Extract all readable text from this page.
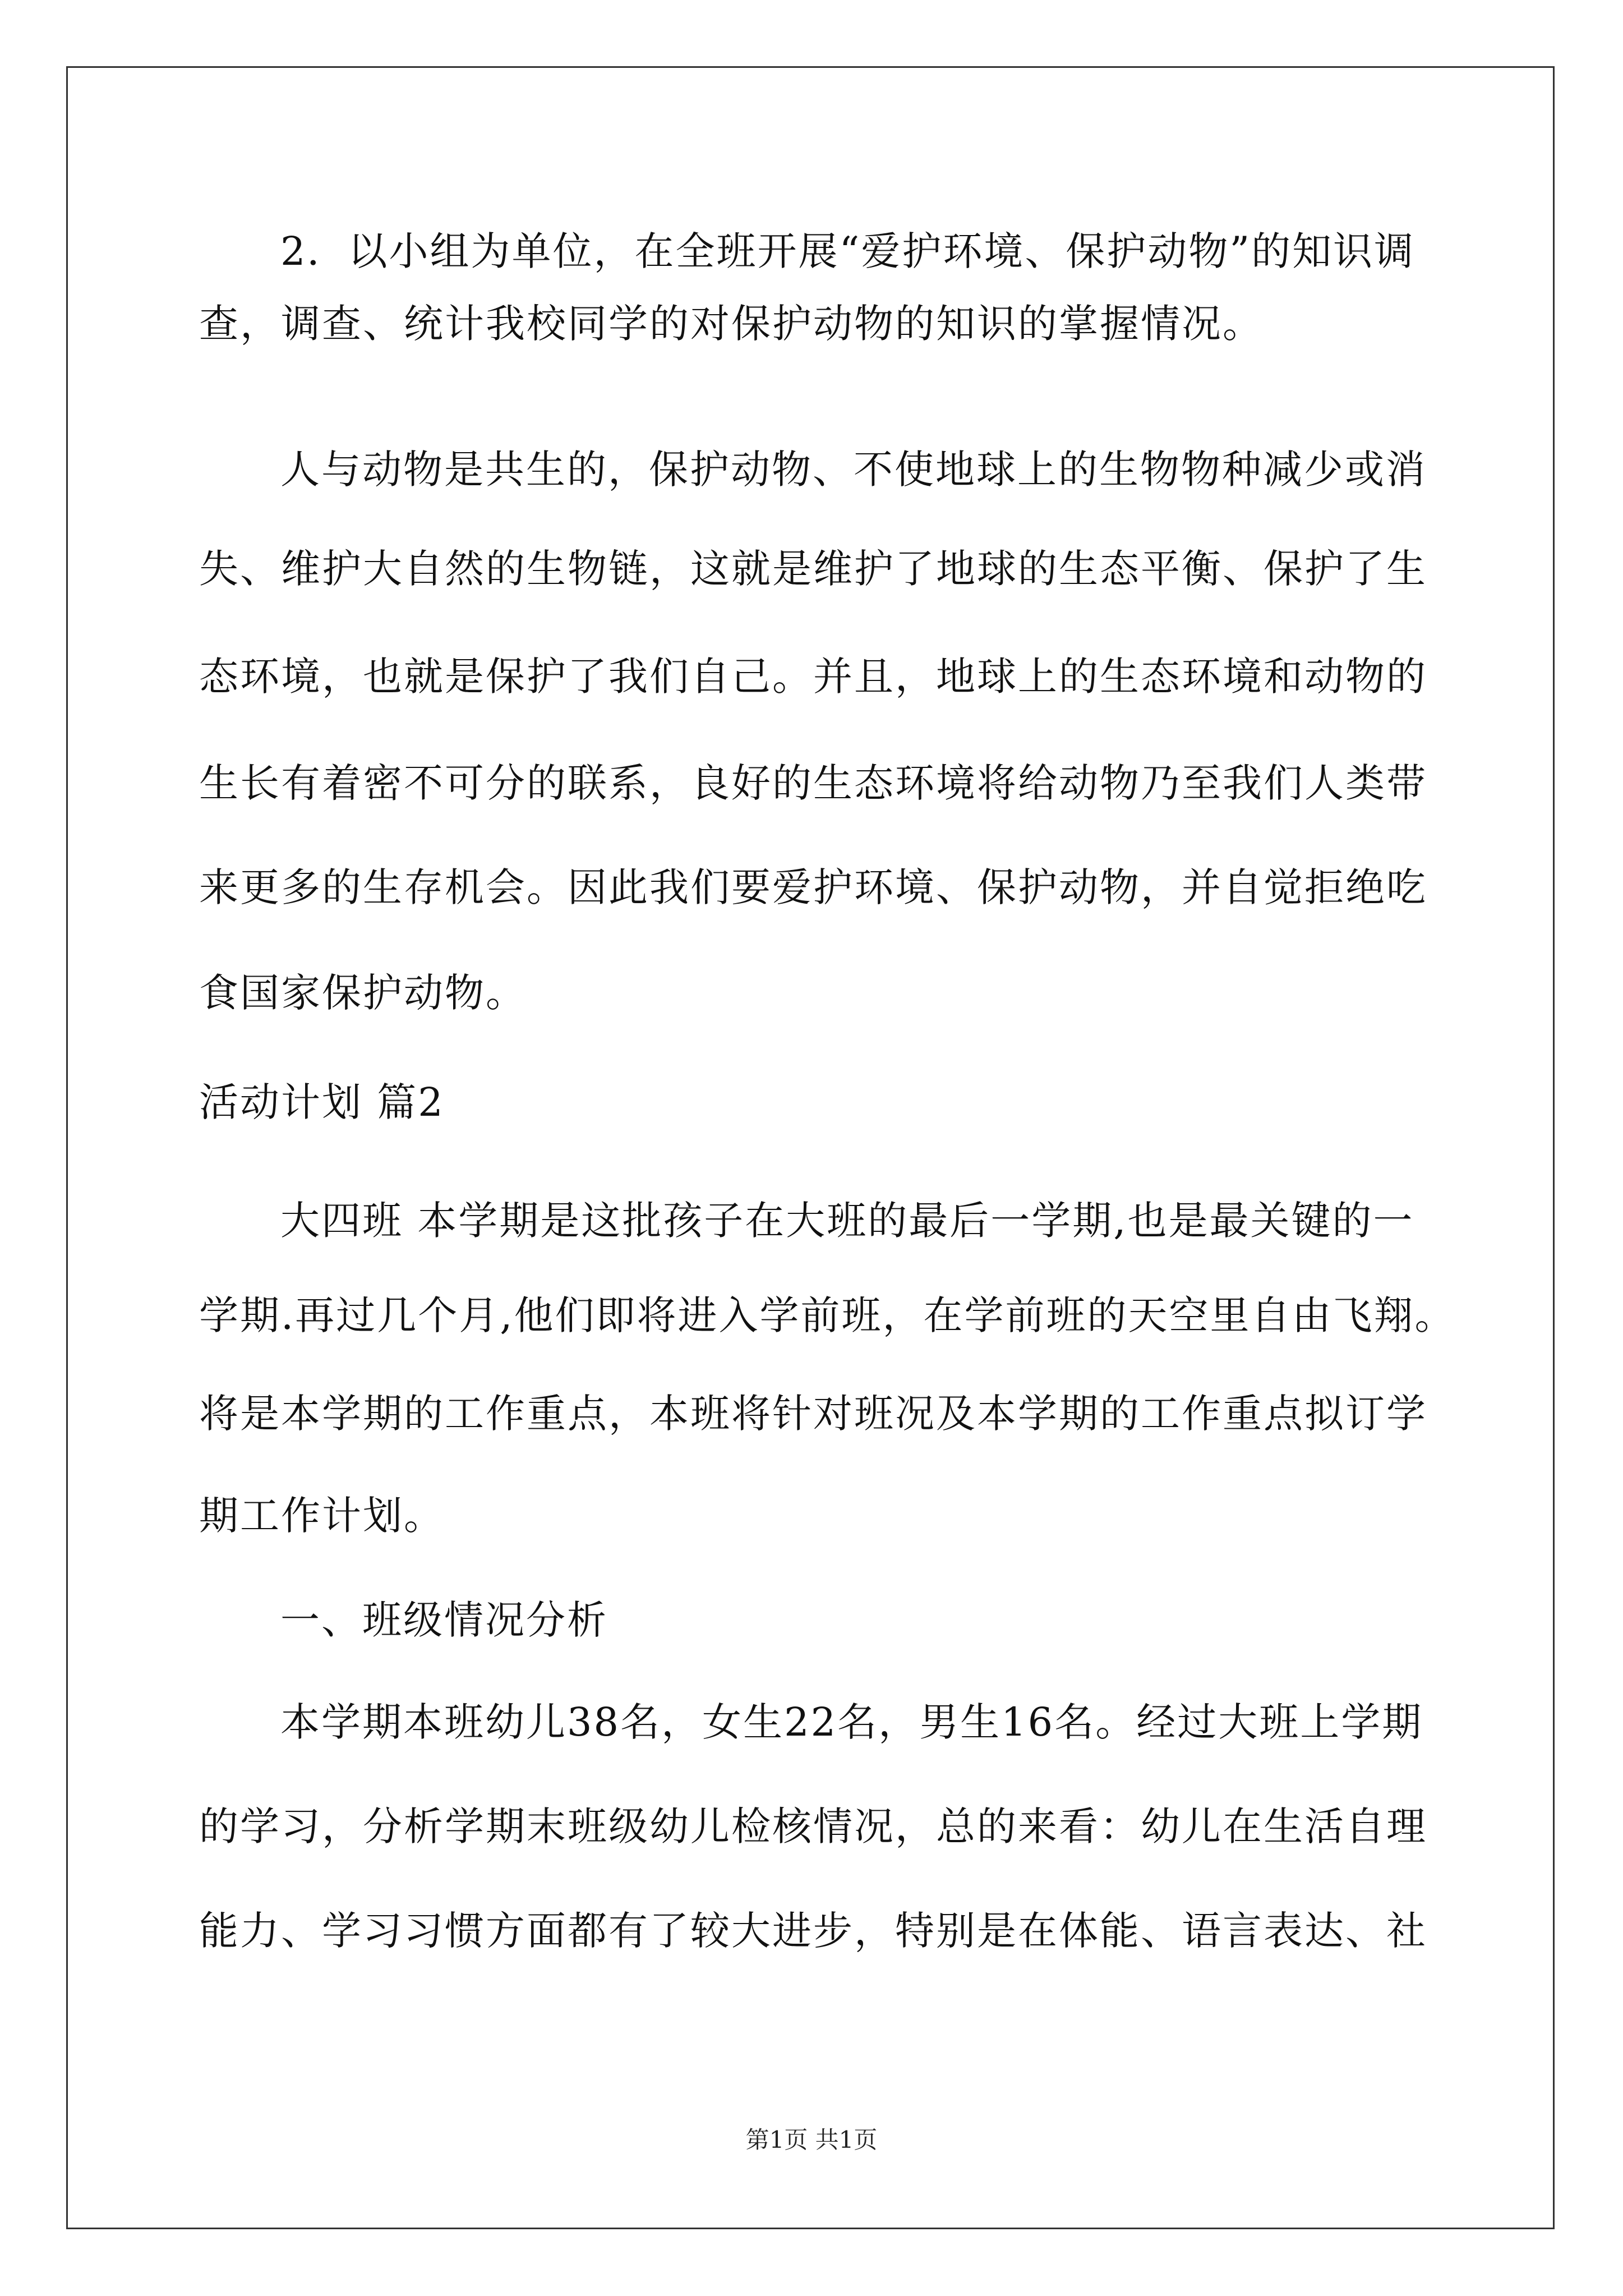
2．以小组为单位，在全班开展“爱护环境、保护动物”的知识调
查，调查、统计我校同学的对保护动物的知识的掌握情况。
人与动物是共生的，保护动物、不使地球上的生物物种减少或消
失、维护大自然的生物链，这就是维护了地球的生态平衡、保护了生
态环境，也就是保护了我们自己。并且，地球上的生态环境和动物的
生长有着密不可分的联系，良好的生态环境将给动物乃至我们人类带
来更多的生存机会。因此我们要爱护环境、保护动物，并自觉拒绝吃
食国家保护动物。
活动计划 篇2
大四班 本学期是这批孩子在大班的最后一学期,也是最关键的一
学期.再过几个月,他们即将进入学前班，在学前班的天空里自由飞翔。
将是本学期的工作重点，本班将针对班况及本学期的工作重点拟订学
期工作计划。
一、班级情况分析
本学期本班幼儿38名，女生22名，男生16名。经过大班上学期
的学习，分析学期末班级幼儿检核情况，总的来看：幼儿在生活自理
能力、学习习惯方面都有了较大进步，特别是在体能、语言表达、社
第1页 共1页
